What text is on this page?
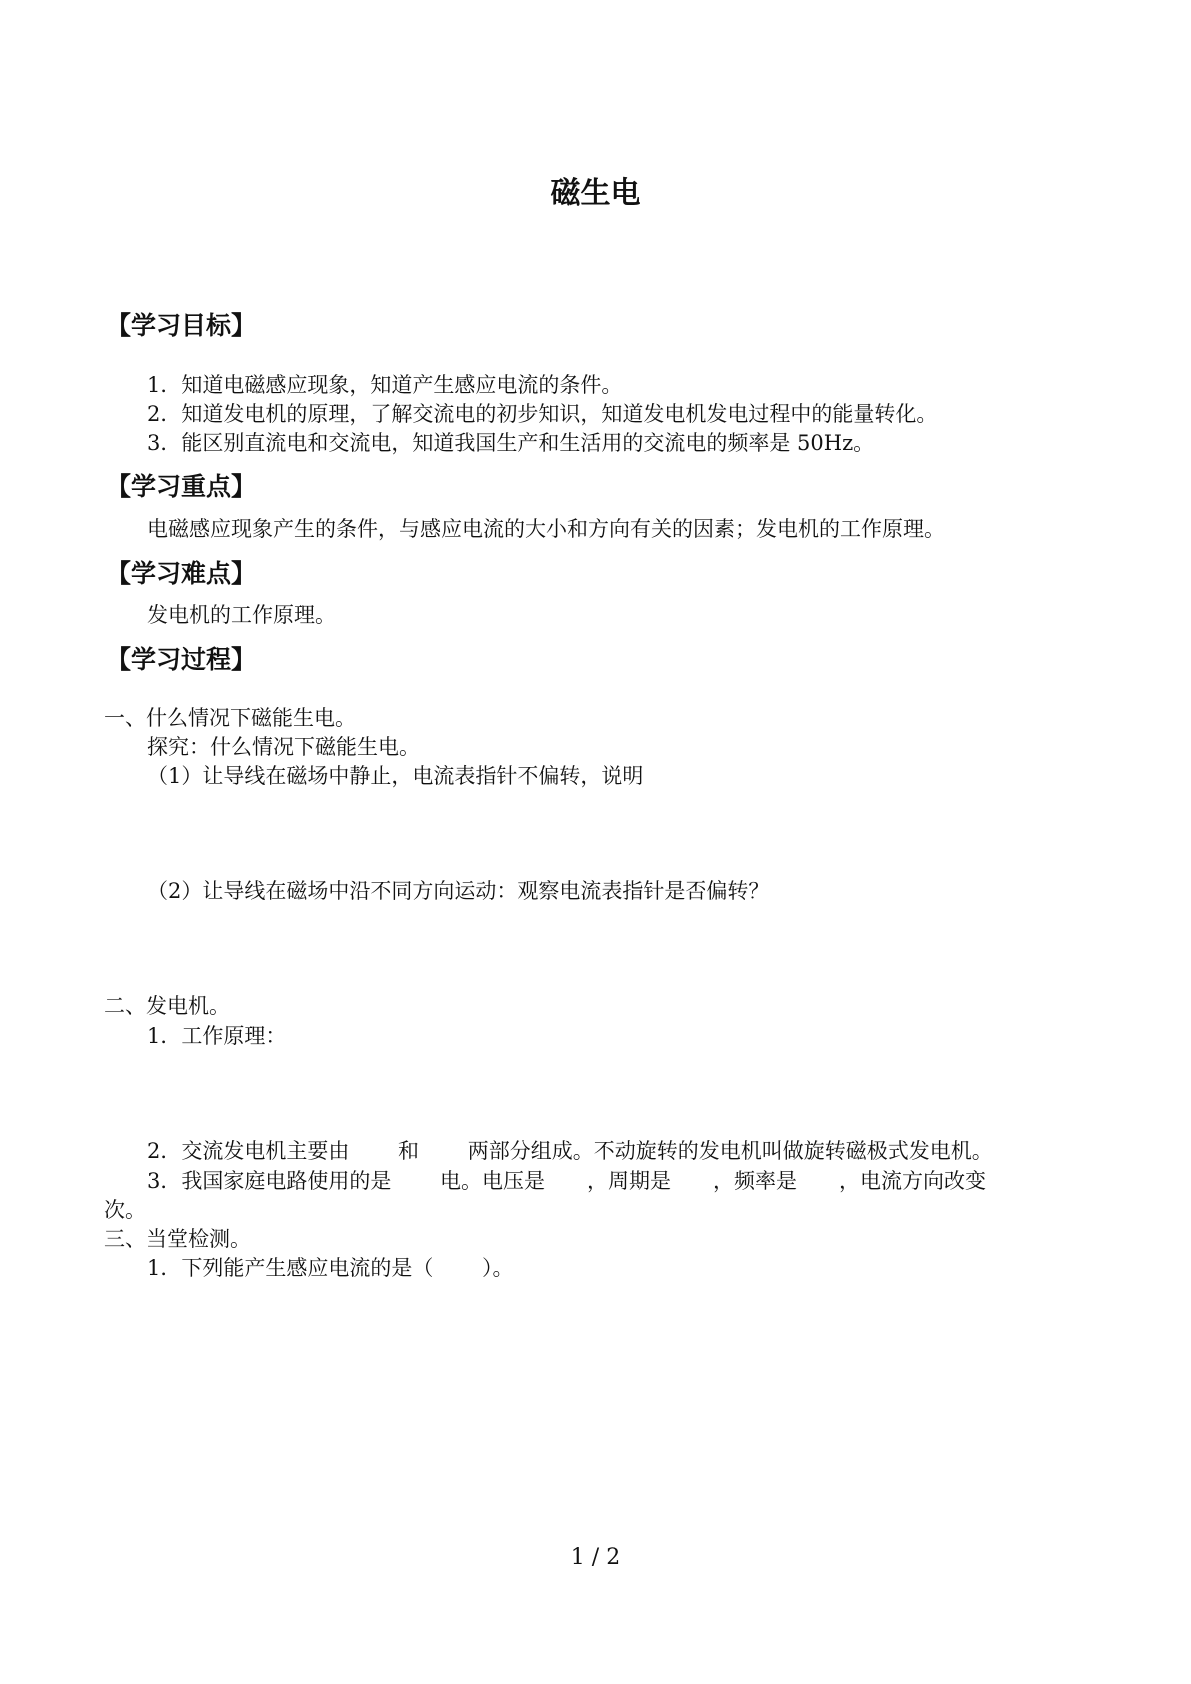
磁生电
【学习目标】
1．知道电磁感应现象，知道产生感应电流的条件。
2．知道发电机的原理，了解交流电的初步知识，知道发电机发电过程中的能量转化。
3．能区别直流电和交流电，知道我国生产和生活用的交流电的频率是 50Hz。
【学习重点】
电磁感应现象产生的条件，与感应电流的大小和方向有关的因素；发电机的工作原理。
【学习难点】
发电机的工作原理。
【学习过程】
一、什么情况下磁能生电。
探究：什么情况下磁能生电。
（1）让导线在磁场中静止，电流表指针不偏转，说明
（2）让导线在磁场中沿不同方向运动：观察电流表指针是否偏转？
二、发电机。
1．工作原理：
2．交流发电机主要由　　 和　　 两部分组成。不动旋转的发电机叫做旋转磁极式发电机。
3．我国家庭电路使用的是　　 电。电压是　　，周期是　　，频率是　　，电流方向改变
次。
三、当堂检测。
1．下列能产生感应电流的是（　　 ）。
1 / 2
